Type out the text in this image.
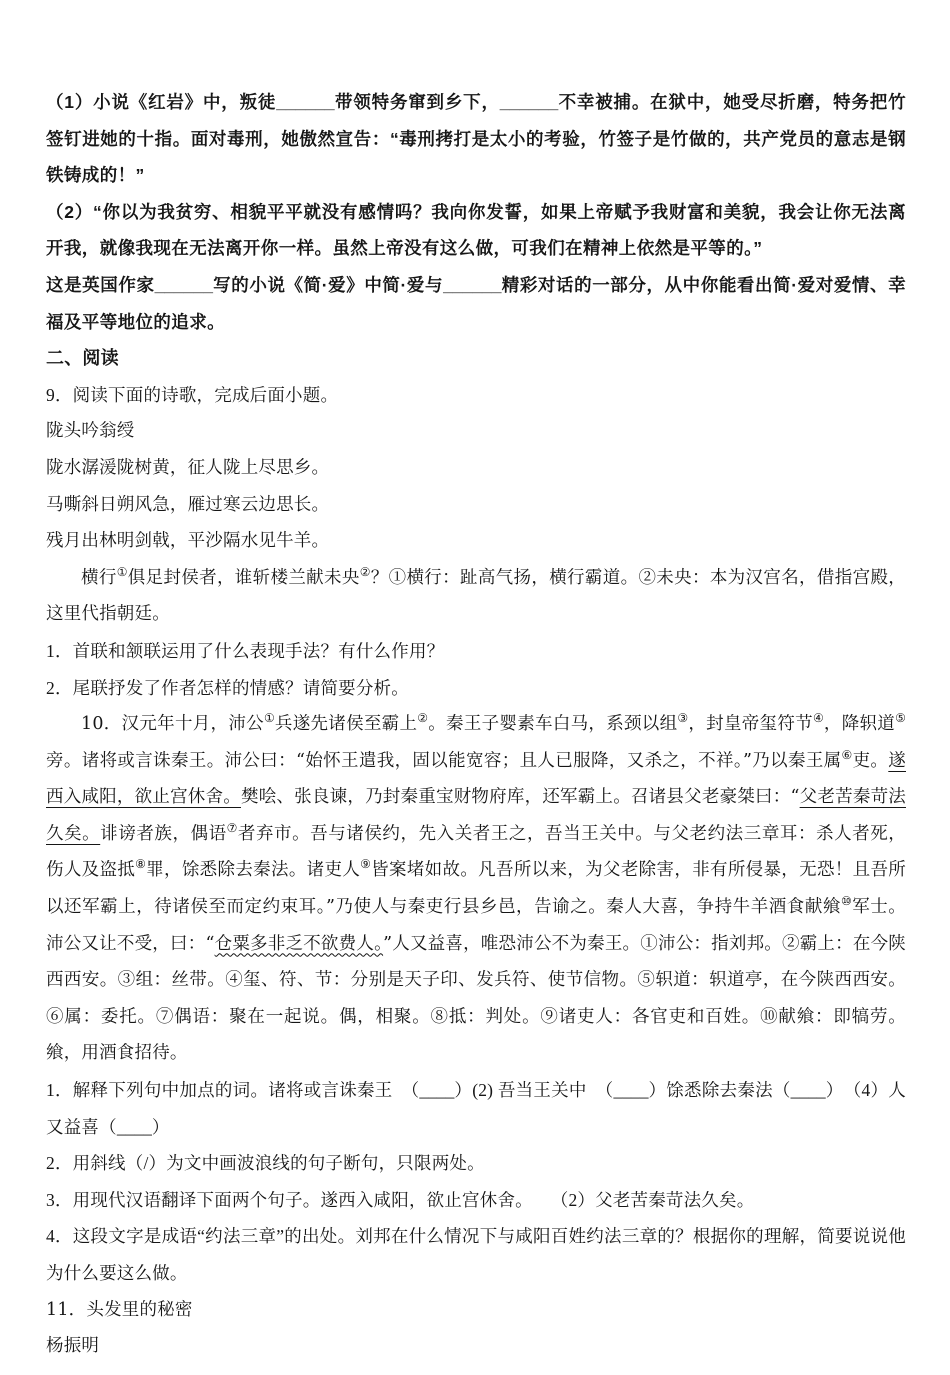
（1）小说《红岩》中，叛徒______带领特务窜到乡下，______不幸被捕。在狱中，她受尽折磨，特务把竹签钉进她的十指。面对毒刑，她傲然宣告：“毒刑拷打是太小的考验，竹签子是竹做的，共产党员的意志是钢铁铸成的！”

（2）“你以为我贫穷、相貌平平就没有感情吗？我向你发誓，如果上帝赋予我财富和美貌，我会让你无法离开我，就像我现在无法离开你一样。虽然上帝没有这么做，可我们在精神上依然是平等的。”

这是英国作家______写的小说《简·爱》中简·爱与______精彩对话的一部分，从中你能看出简·爱对爱情、幸福及平等地位的追求。

二、阅读

9．阅读下面的诗歌，完成后面小题。

陇头吟翁绶

陇水潺湲陇树黄，征人陇上尽思乡。

马嘶斜日朔风急，雁过寒云边思长。

残月出林明剑戟，平沙隔水见牛羊。

横行①俱足封侯者，谁斩楼兰献未央②？①横行：趾高气扬，横行霸道。②未央：本为汉宫名，借指宫殿，这里代指朝廷。

1．首联和颔联运用了什么表现手法？有什么作用？

2．尾联抒发了作者怎样的情感？请简要分析。

10．汉元年十月，沛公①兵遂先诸侯至霸上②。秦王子婴素车白马，系颈以组③，封皇帝玺符节④，降轵道⑤旁。诸将或言诛秦王。沛公曰：“始怀王遣我，固以能宽容；且人已服降，又杀之，不祥。”乃以秦王属⑥吏。遂西入咸阳，欲止宫休舍。樊哙、张良谏，乃封秦重宝财物府库，还军霸上。召诸县父老豪桀曰：“父老苦秦苛法久矣。诽谤者族，偶语⑦者弃市。吾与诸侯约，先入关者王之，吾当王关中。与父老约法三章耳：杀人者死，伤人及盗抵⑧罪，馀悉除去秦法。诸吏人⑨皆案堵如故。凡吾所以来，为父老除害，非有所侵暴，无恐！且吾所以还军霸上，待诸侯至而定约束耳。”乃使人与秦吏行县乡邑，告谕之。秦人大喜，争持牛羊酒食献飨⑩军士。沛公又让不受，曰：“仓粟多非乏不欲费人。”人又益喜，唯恐沛公不为秦王。①沛公：指刘邦。②霸上：在今陕西西安。③组：丝带。④玺、符、节：分别是天子印、发兵符、使节信物。⑤轵道：轵道亭，在今陕西西安。⑥属：委托。⑦偶语：聚在一起说。偶，相聚。⑧抵：判处。⑨诸吏人：各官吏和百姓。⑩献飨：即犒劳。飨，用酒食招待。

1．解释下列句中加点的词。诸将或言诛秦王　（____）(2) 吾当王关中　（____）馀悉除去秦法（____）　（4）人又益喜（____）

2．用斜线（/）为文中画波浪线的句子断句，只限两处。

3．用现代汉语翻译下面两个句子。遂西入咸阳，欲止宫休舍。　　（2）父老苦秦苛法久矣。

4．这段文字是成语“约法三章”的出处。刘邦在什么情况下与咸阳百姓约法三章的？根据你的理解，简要说说他为什么要这么做。

11．头发里的秘密

杨振明
